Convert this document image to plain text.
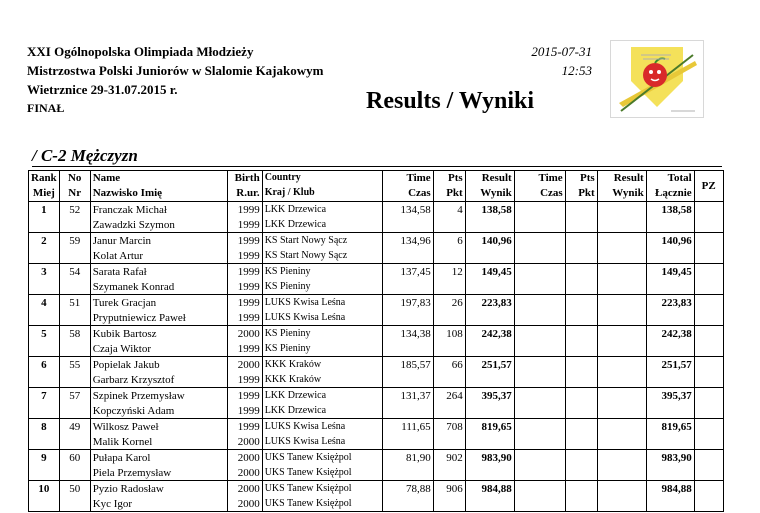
XXI Ogólnopolska Olimpiada Młodzieży
Mistrzostwa Polski Juniorów w Slalomie Kajakowym
Wietrznice 29-31.07.2015 r.
FINAŁ
2015-07-31
12:53
Results / Wyniki
/ C-2 Mężczyzn
Rank	No	Name	Birth	Country	Time	Pts	Result	Time	Pts	Result	Total	PZ
Miej	Nr	Nazwisko Imię	R.ur.	Kraj / Klub	Czas	Pkt	Wynik	Czas	Pkt	Wynik	Łącznie	
1	52	Franczak Michał	1999	LKK Drzewica	134,58	4	138,58				138,58	
		Zawadzki Szymon	1999	LKK Drzewica								
2	59	Janur Marcin	1999	KS Start Nowy Sącz	134,96	6	140,96				140,96	
		Kolat Artur	1999	KS Start Nowy Sącz								
3	54	Sarata Rafał	1999	KS Pieniny	137,45	12	149,45				149,45	
		Szymanek Konrad	1999	KS Pieniny								
4	51	Turek Gracjan	1999	LUKS Kwisa Leśna	197,83	26	223,83				223,83	
		Pryputniewicz Paweł	1999	LUKS Kwisa Leśna								
5	58	Kubik Bartosz	2000	KS Pieniny	134,38	108	242,38				242,38	
		Czaja Wiktor	1999	KS Pieniny								
6	55	Popielak Jakub	2000	KKK Kraków	185,57	66	251,57				251,57	
		Garbarz Krzysztof	1999	KKK Kraków								
7	57	Szpinek Przemysław	1999	LKK Drzewica	131,37	264	395,37				395,37	
		Kopczyński Adam	1999	LKK Drzewica								
8	49	Wilkosz Paweł	1999	LUKS Kwisa Leśna	111,65	708	819,65				819,65	
		Malik Kornel	2000	LUKS Kwisa Leśna								
9	60	Pułapa Karol	2000	UKS Tanew Księżpol	81,90	902	983,90				983,90	
		Piela Przemysław	2000	UKS Tanew Księżpol								
10	50	Pyzio Radosław	2000	UKS Tanew Księżpol	78,88	906	984,88				984,88	
		Kyc Igor	2000	UKS Tanew Księżpol								
